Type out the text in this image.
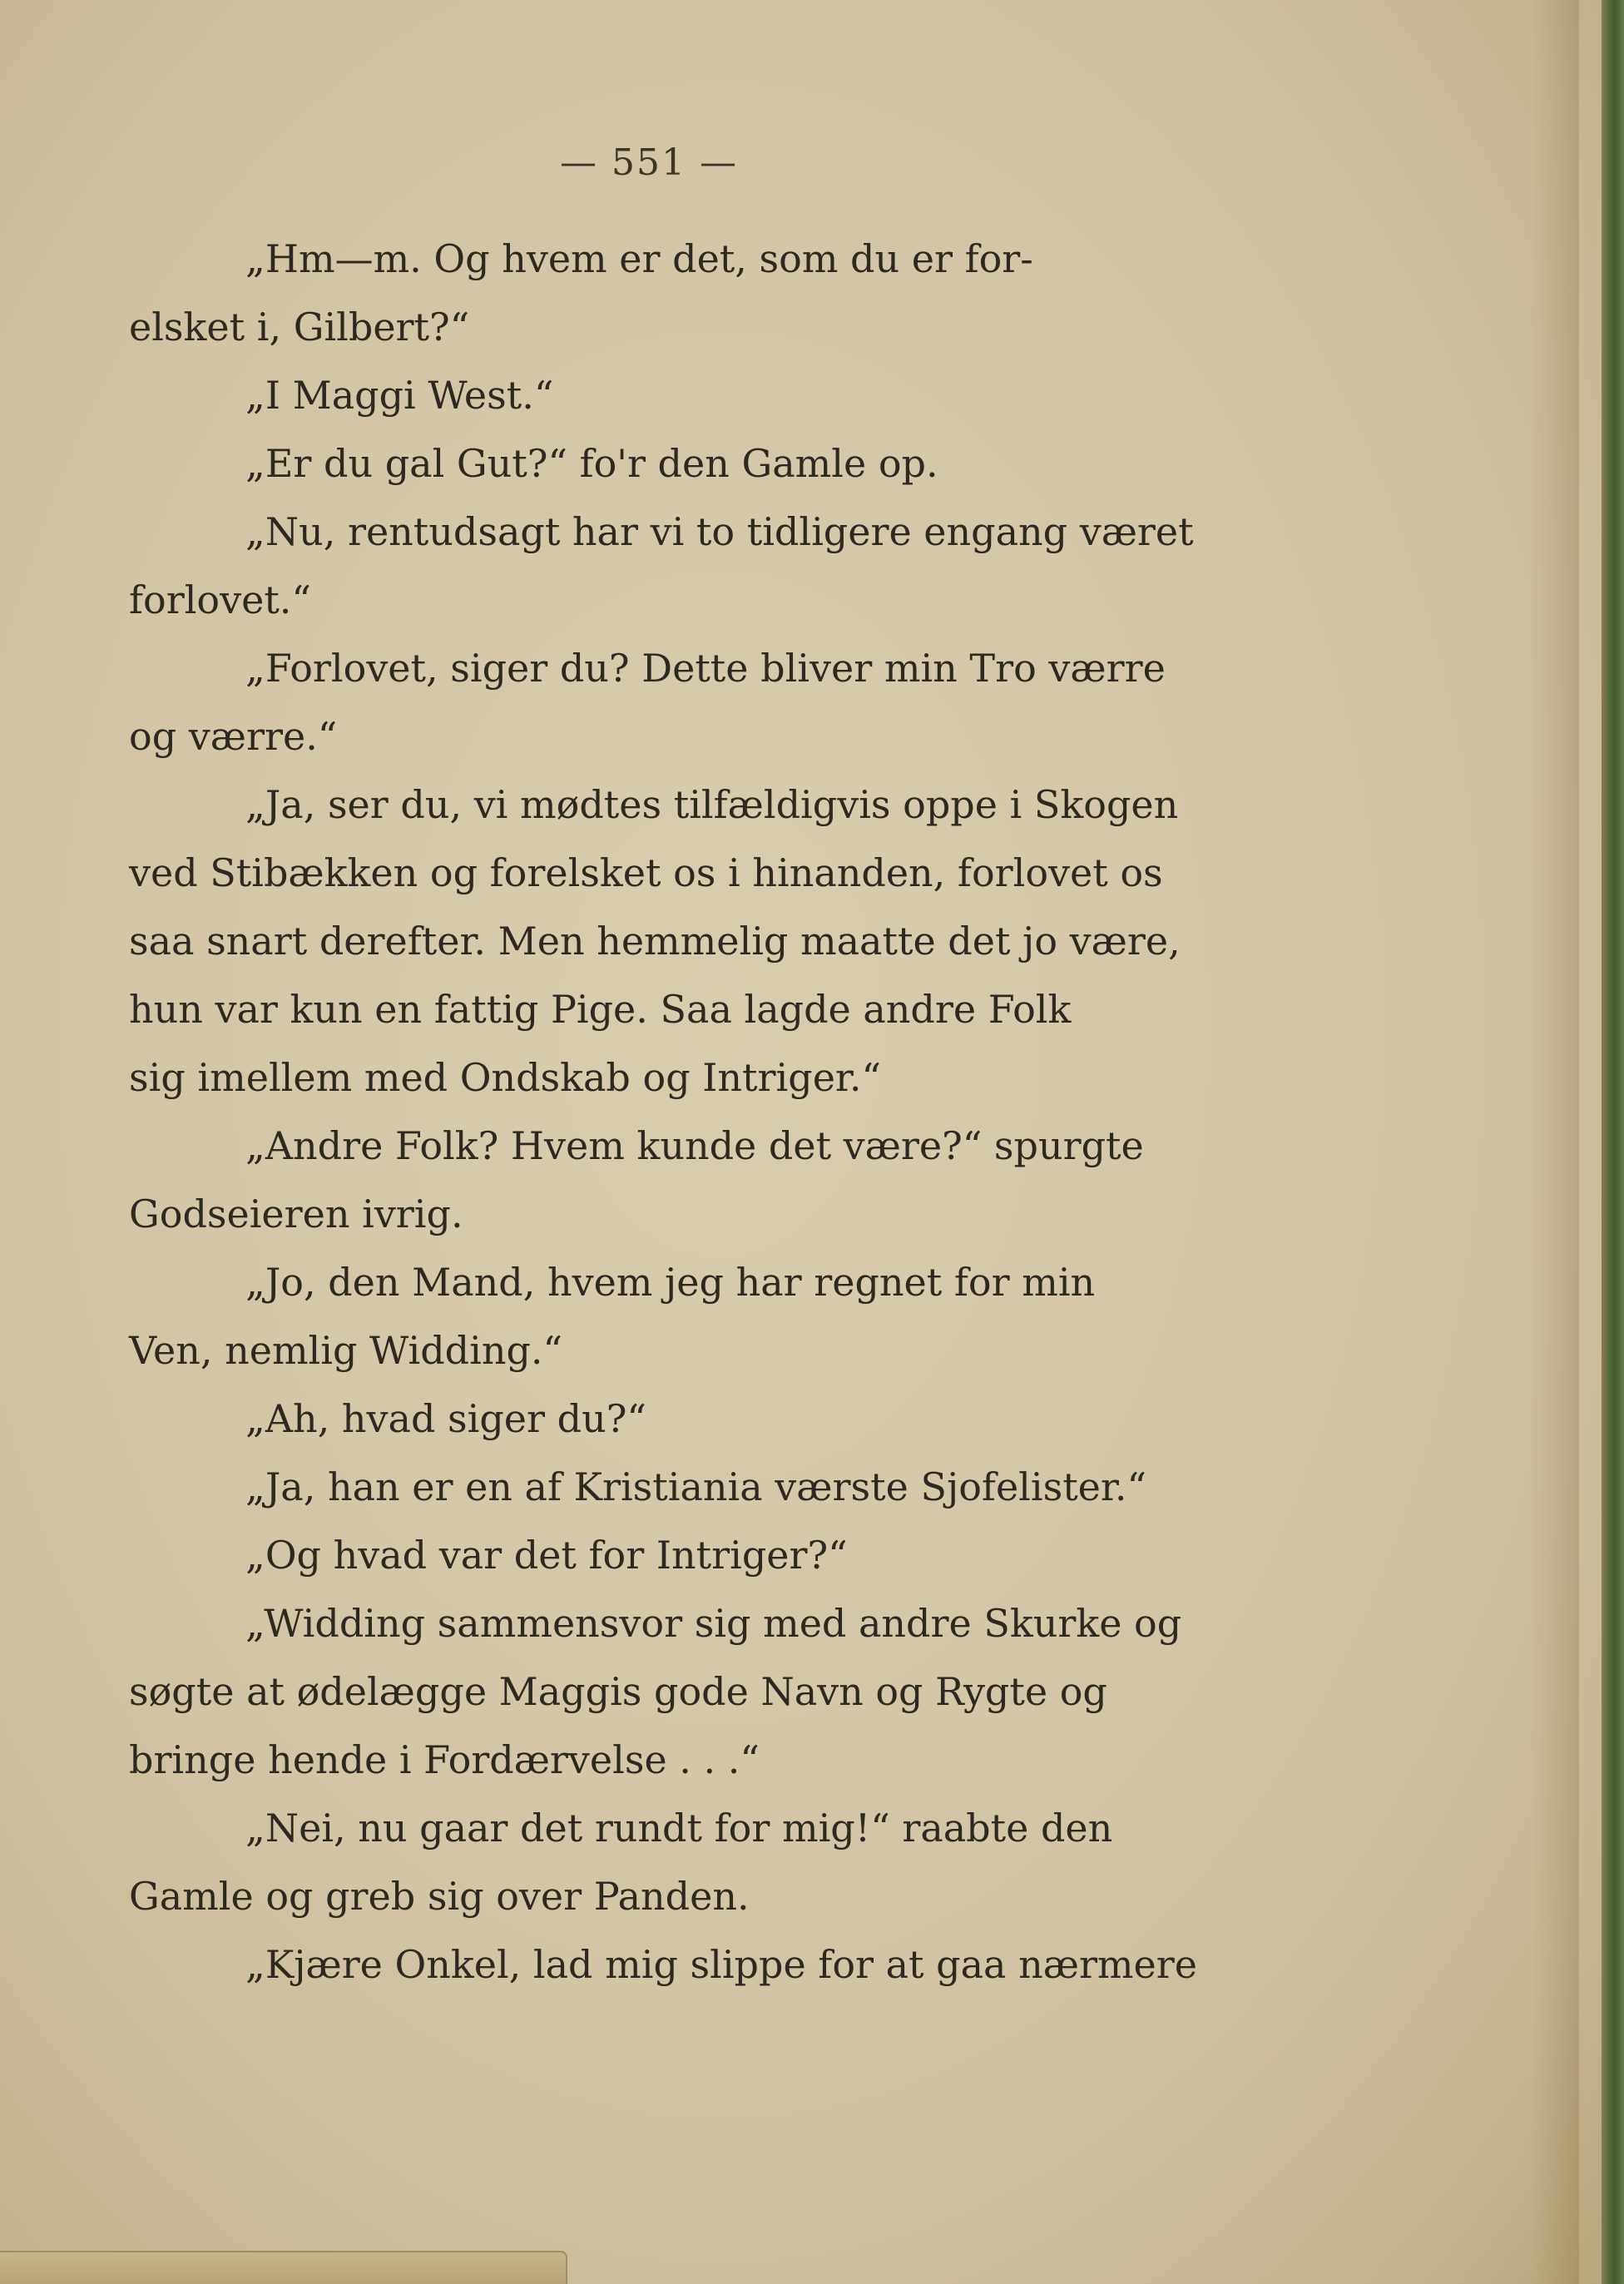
— 551 —
„Hm—m. Og hvem er det, som du er for-
elsket i, Gilbert?“
„I Maggi West.“
„Er du gal Gut?“ fo'r den Gamle op.
„Nu, rentudsagt har vi to tidligere engang været
forlovet.“
„Forlovet, siger du? Dette bliver min Tro værre
og værre.“
„Ja, ser du, vi mødtes tilfældigvis oppe i Skogen
ved Stibækken og forelsket os i hinanden, forlovet os
saa snart derefter. Men hemmelig maatte det jo være,
hun var kun en fattig Pige. Saa lagde andre Folk
sig imellem med Ondskab og Intriger.“
„Andre Folk? Hvem kunde det være?“ spurgte
Godseieren ivrig.
„Jo, den Mand, hvem jeg har regnet for min
Ven, nemlig Widding.“
„Ah, hvad siger du?“
„Ja, han er en af Kristiania værste Sjofelister.“
„Og hvad var det for Intriger?“
„Widding sammensvor sig med andre Skurke og
søgte at ødelægge Maggis gode Navn og Rygte og
bringe hende i Fordærvelse . . .“
„Nei, nu gaar det rundt for mig!“ raabte den
Gamle og greb sig over Panden.
„Kjære Onkel, lad mig slippe for at gaa nærmere
